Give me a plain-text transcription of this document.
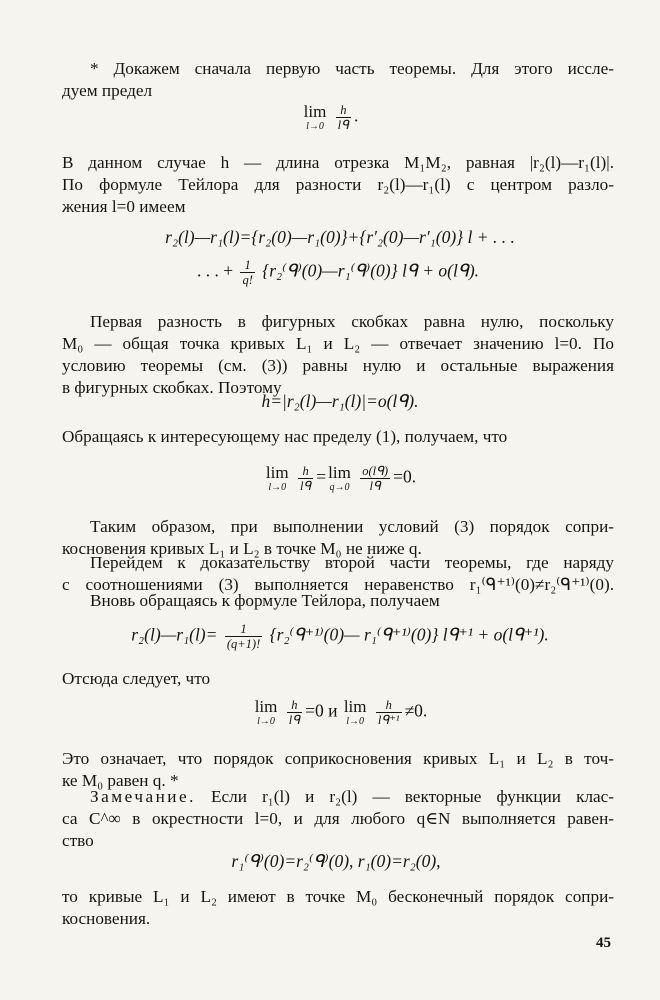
* Докажем сначала первую часть теоремы. Для этого иссле-
дуем предел
lim
l→0
$\frac{h}{\text{lᑫ}}$ .
В данном случае h — длина отрезка M₁M₂, равная |r₂(l)—r₁(l)|.
По формуле Тейлора для разности r₂(l)—r₁(l) с центром разло-
жения l=0 имеем
r₂(l)—r₁(l)={r₂(0)—r₁(0)}+{r′₂(0)—r′₁(0)} l + . . .
. . . + $\frac{1}{q!}$ {r₂⁽ᑫ⁾(0)—r₁⁽ᑫ⁾(0)} lᑫ + o(lᑫ).
Первая разность в фигурных скобках равна нулю, поскольку
M₀ — общая точка кривых L₁ и L₂ — отвечает значению l=0. По
условию теоремы (см. (3)) равны нулю и остальные выражения
в фигурных скобках. Поэтому
h=|r₂(l)—r₁(l)|=o(lᑫ).
Обращаясь к интересующему нас пределу (1), получаем, что
lim
l→0
$\frac{h}{\text{lᑫ}} = \lim$
q→0
$\frac{\text{o(lᑫ)}}{\text{lᑫ}} =0$.
Таким образом, при выполнении условий (3) порядок сопри-
косновения кривых L₁ и L₂ в точке M₀ не ниже q.
Перейдем к доказательству второй части теоремы, где наряду
с соотношениями (3) выполняется неравенство r₁⁽ᑫ⁺¹⁾(0)≠r₂⁽ᑫ⁺¹⁾(0).
Вновь обращаясь к формуле Тейлора, получаем
r₂(l)—r₁(l)= $\frac{1}{(q+1)!}$ {r₂⁽ᑫ⁺¹⁾(0)— r₁⁽ᑫ⁺¹⁾(0)} lᑫ⁺¹ + o(lᑫ⁺¹).
Отсюда следует, что
lim
l→0
$\frac{h}{\text{lᑫ}} =0$ и lim
l→0
$\frac{h}{\text{lᑫ⁺¹}} \ne 0$.
Это означает, что порядок соприкосновения кривых L₁ и L₂ в точ-
ке M₀ равен q. *
Замечание. Если r₁(l) и r₂(l) — векторные функции клас-
са C^∞ в окрестности l=0, и для любого q∈N выполняется равен-
ство
r₁⁽ᑫ⁾(0)=r₂⁽ᑫ⁾(0), r₁(0)=r₂(0),
то кривые L₁ и L₂ имеют в точке M₀ бесконечный порядок сопри-
косновения.
45
